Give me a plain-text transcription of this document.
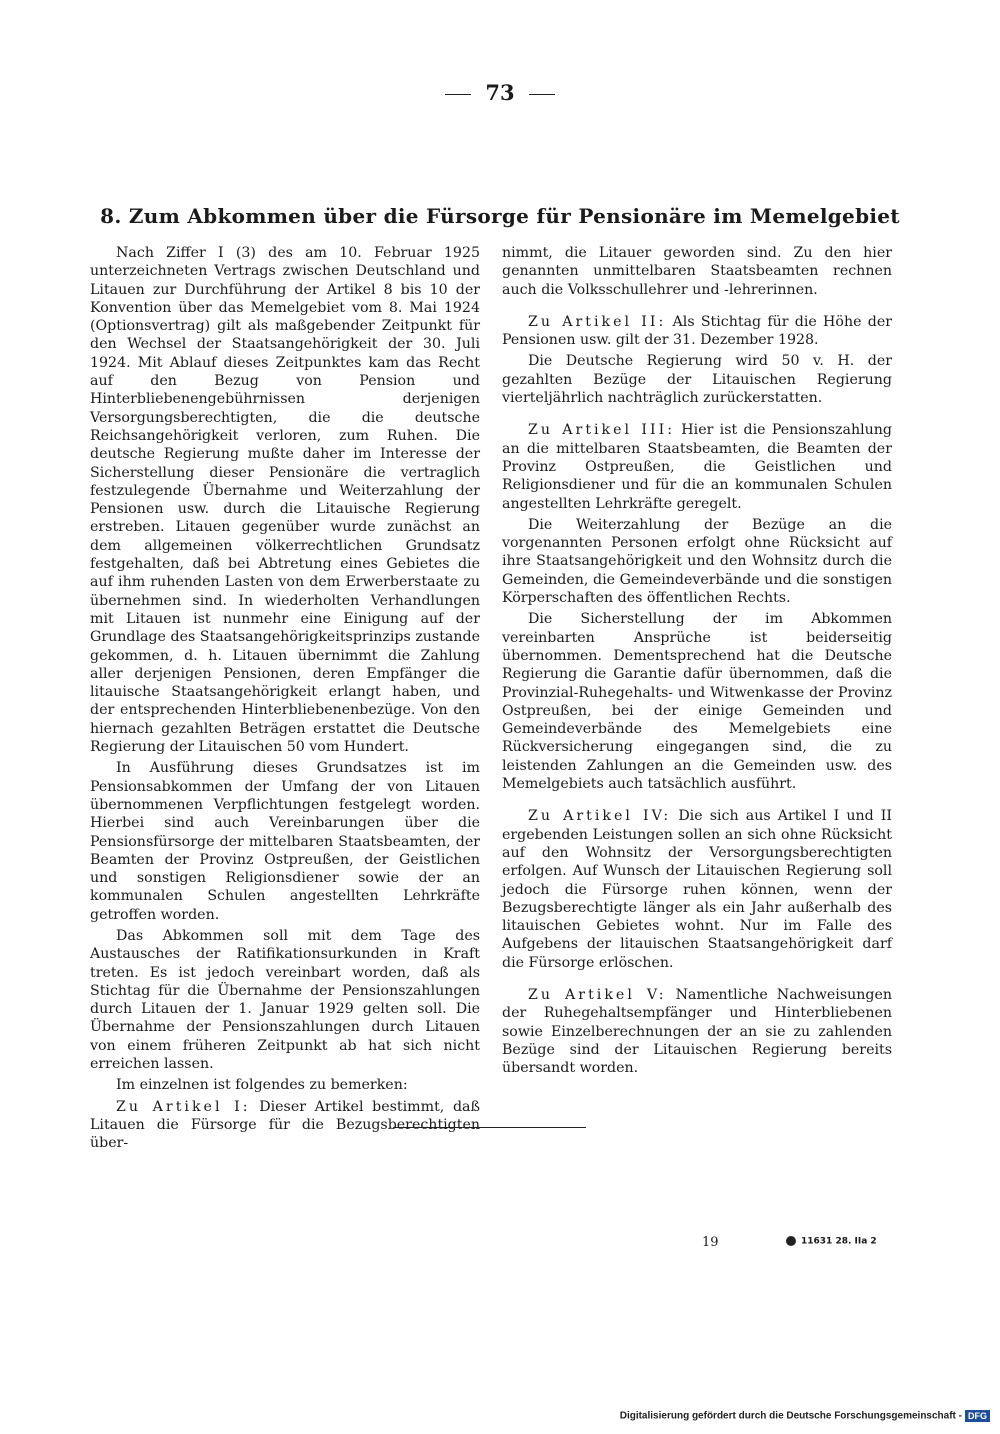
73
8. Zum Abkommen über die Fürsorge für Pensionäre im Memelgebiet

Nach Ziffer I (3) des am 10. Februar 1925 unterzeichneten Vertrags zwischen Deutschland und Litauen zur Durchführung der Artikel 8 bis 10 der Konvention über das Memelgebiet vom 8. Mai 1924 (Optionsvertrag) gilt als maßgebender Zeitpunkt für den Wechsel der Staatsangehörigkeit der 30. Juli 1924. Mit Ablauf dieses Zeitpunktes kam das Recht auf den Bezug von Pension und Hinterbliebenengebührnissen derjenigen Versorgungsberechtigten, die die deutsche Reichsangehörigkeit verloren, zum Ruhen. Die deutsche Regierung mußte daher im Interesse der Sicherstellung dieser Pensionäre die vertraglich festzulegende Übernahme und Weiterzahlung der Pensionen usw. durch die Litauische Regierung erstreben. Litauen gegenüber wurde zunächst an dem allgemeinen völkerrechtlichen Grundsatz festgehalten, daß bei Abtretung eines Gebietes die auf ihm ruhenden Lasten von dem Erwerberstaate zu übernehmen sind. In wiederholten Verhandlungen mit Litauen ist nunmehr eine Einigung auf der Grundlage des Staatsangehörigkeitsprinzips zustande gekommen, d. h. Litauen übernimmt die Zahlung aller derjenigen Pensionen, deren Empfänger die litauische Staatsangehörigkeit erlangt haben, und der entsprechenden Hinterbliebenenbezüge. Von den hiernach gezahlten Beträgen erstattet die Deutsche Regierung der Litauischen 50 vom Hundert.

In Ausführung dieses Grundsatzes ist im Pensionsabkommen der Umfang der von Litauen übernommenen Verpflichtungen festgelegt worden. Hierbei sind auch Vereinbarungen über die Pensionsfürsorge der mittelbaren Staatsbeamten, der Beamten der Provinz Ostpreußen, der Geistlichen und sonstigen Religionsdiener sowie der an kommunalen Schulen angestellten Lehrkräfte getroffen worden.

Das Abkommen soll mit dem Tage des Austausches der Ratifikationsurkunden in Kraft treten. Es ist jedoch vereinbart worden, daß als Stichtag für die Übernahme der Pensionszahlungen durch Litauen der 1. Januar 1929 gelten soll. Die Übernahme der Pensionszahlungen durch Litauen von einem früheren Zeitpunkt ab hat sich nicht erreichen lassen.

Im einzelnen ist folgendes zu bemerken:

Zu Artikel I: Dieser Artikel bestimmt, daß Litauen die Fürsorge für die Bezugsberechtigten über-

nimmt, die Litauer geworden sind. Zu den hier genannten unmittelbaren Staatsbeamten rechnen auch die Volksschullehrer und -lehrerinnen.

Zu Artikel II: Als Stichtag für die Höhe der Pensionen usw. gilt der 31. Dezember 1928.

Die Deutsche Regierung wird 50 v. H. der gezahlten Bezüge der Litauischen Regierung vierteljährlich nachträglich zurückerstatten.

Zu Artikel III: Hier ist die Pensionszahlung an die mittelbaren Staatsbeamten, die Beamten der Provinz Ostpreußen, die Geistlichen und Religionsdiener und für die an kommunalen Schulen angestellten Lehrkräfte geregelt.

Die Weiterzahlung der Bezüge an die vorgenannten Personen erfolgt ohne Rücksicht auf ihre Staatsangehörigkeit und den Wohnsitz durch die Gemeinden, die Gemeindeverbände und die sonstigen Körperschaften des öffentlichen Rechts.

Die Sicherstellung der im Abkommen vereinbarten Ansprüche ist beiderseitig übernommen. Dementsprechend hat die Deutsche Regierung die Garantie dafür übernommen, daß die Provinzial-Ruhegehalts- und Witwenkasse der Provinz Ostpreußen, bei der einige Gemeinden und Gemeindeverbände des Memelgebiets eine Rückversicherung eingegangen sind, die zu leistenden Zahlungen an die Gemeinden usw. des Memelgebiets auch tatsächlich ausführt.

Zu Artikel IV: Die sich aus Artikel I und II ergebenden Leistungen sollen an sich ohne Rücksicht auf den Wohnsitz der Versorgungsberechtigten erfolgen. Auf Wunsch der Litauischen Regierung soll jedoch die Fürsorge ruhen können, wenn der Bezugsberechtigte länger als ein Jahr außerhalb des litauischen Gebietes wohnt. Nur im Falle des Aufgebens der litauischen Staatsangehörigkeit darf die Fürsorge erlöschen.

Zu Artikel V: Namentliche Nachweisungen der Ruhegehaltsempfänger und Hinterbliebenen sowie Einzelberechnungen der an sie zu zahlenden Bezüge sind der Litauischen Regierung bereits übersandt worden.

19	11631 28. IIa 2
Digitalisierung gefördert durch die Deutsche Forschungsgemeinschaft - DFG
